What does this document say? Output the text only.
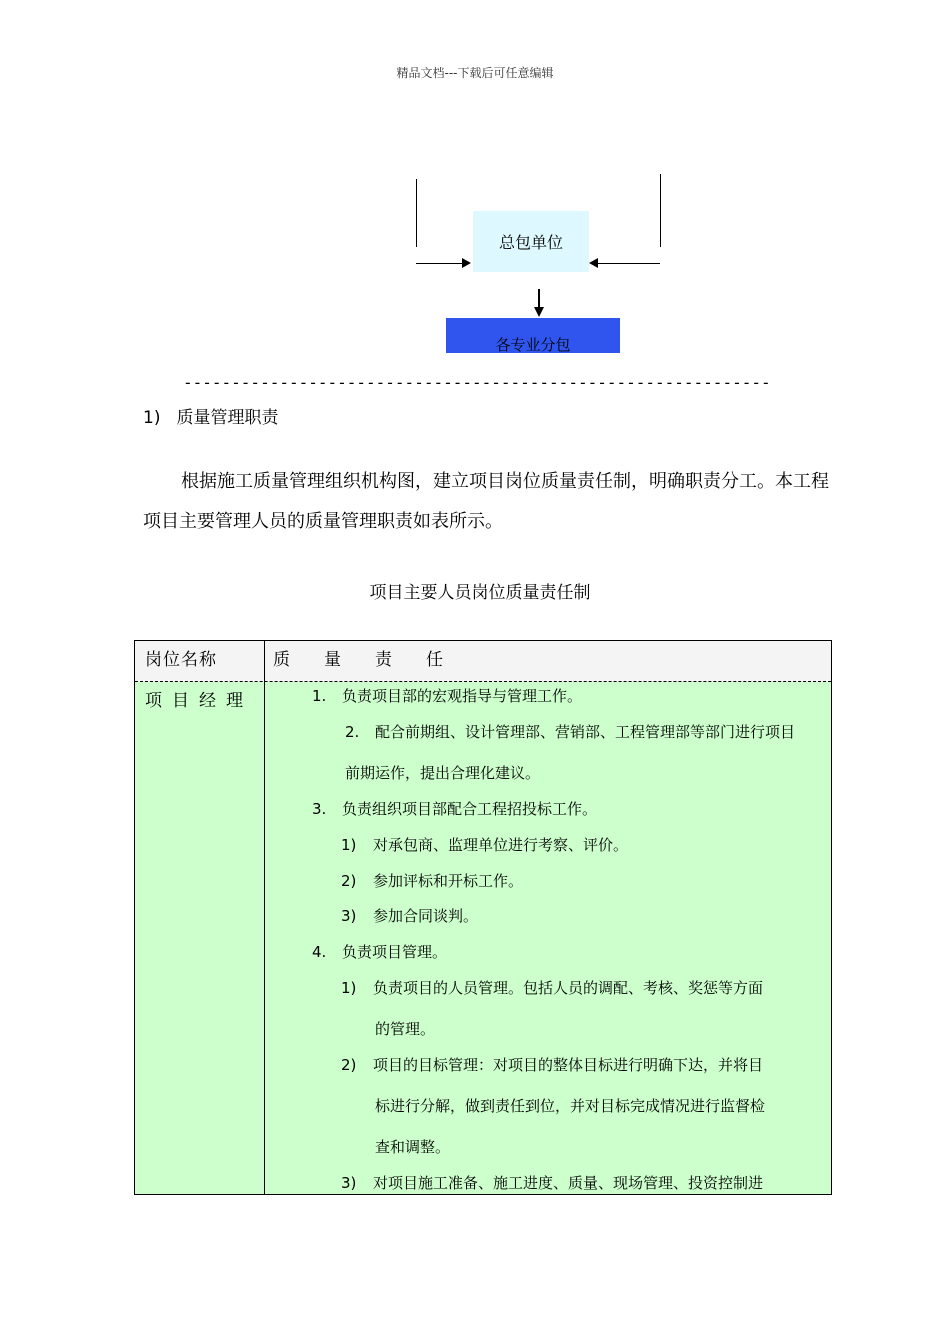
精品文档---下载后可任意编辑
总包单位
各专业分包
-------------------------------------------------------------
1) 质量管理职责
根据施工质量管理组织机构图，建立项目岗位质量责任制，明确职责分工。本工程项目主要管理人员的质量管理职责如表所示。
项目主要人员岗位质量责任制
岗位名称	质 量 责 任
项目经理	1. 负责项目部的宏观指导与管理工作。
2. 配合前期组、设计管理部、营销部、工程管理部等部门进行项目
前期运作，提出合理化建议。
3. 负责组织项目部配合工程招投标工作。
1) 对承包商、监理单位进行考察、评价。
2) 参加评标和开标工作。
3) 参加合同谈判。
4. 负责项目管理。
1) 负责项目的人员管理。包括人员的调配、考核、奖惩等方面
的管理。
2) 项目的目标管理：对项目的整体目标进行明确下达，并将目
标进行分解，做到责任到位，并对目标完成情况进行监督检
查和调整。
3) 对项目施工准备、施工进度、质量、现场管理、投资控制进
